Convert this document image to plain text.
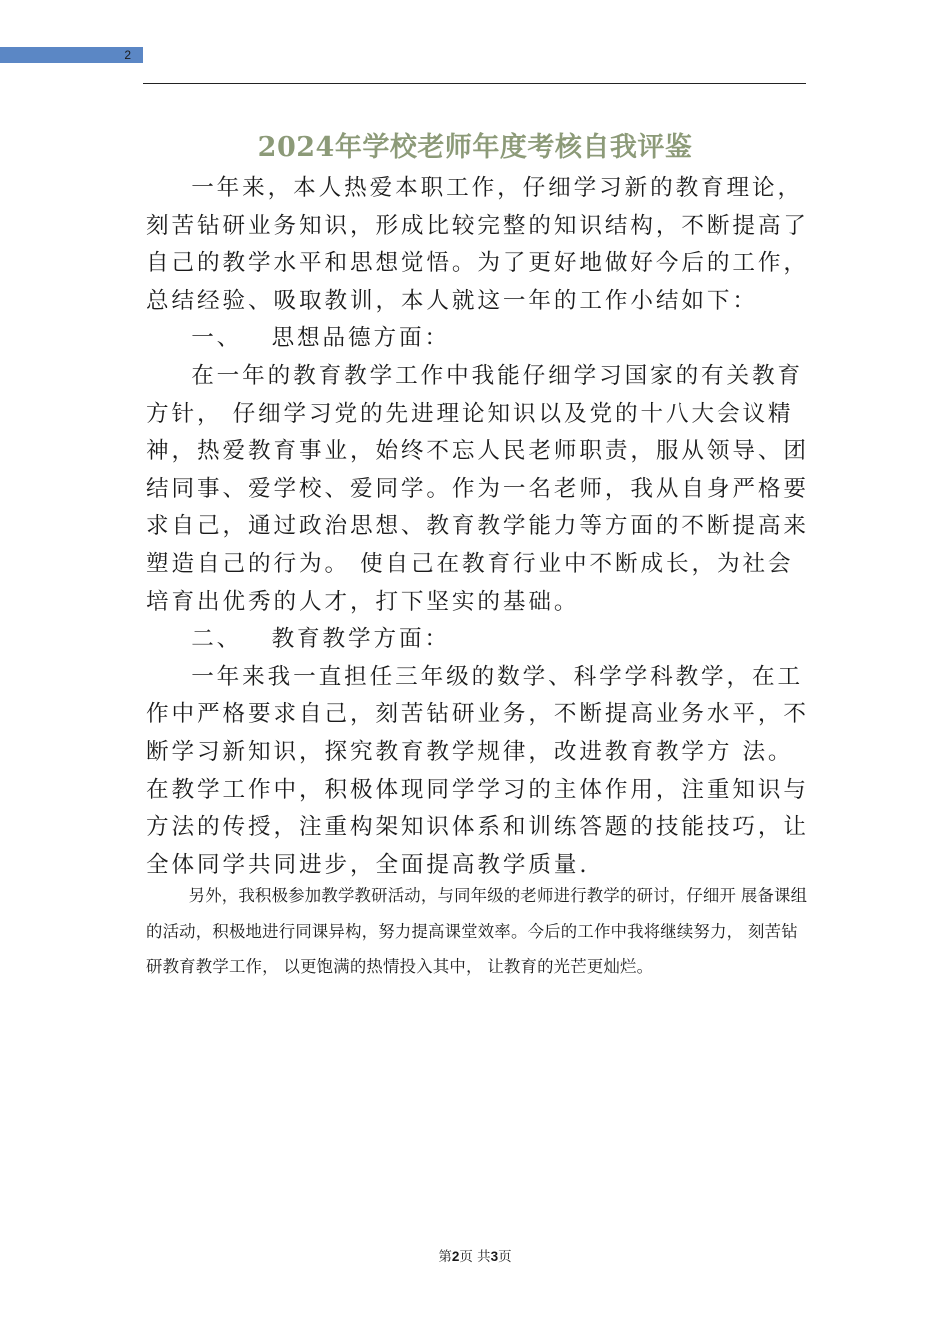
2
2024年学校老师年度考核自我评鉴

一年来，本人热爱本职工作，仔细学习新的教育理论，刻苦钻研业务知识，形成比较完整的知识结构，不断提高了自己的教学水平和思想觉悟。为了更好地做好今后的工作，总结经验、吸取教训，本人就这一年的工作小结如下：

一、 思想品德方面：

在一年的教育教学工作中我能仔细学习国家的有关教育方针， 仔细学习党的先进理论知识以及党的十八大会议精神，热爱教育事业，始终不忘人民老师职责，服从领导、团结同事、爱学校、爱同学。作为一名老师，我从自身严格要求自己，通过政治思想、教育教学能力等方面的不断提高来塑造自己的行为。 使自己在教育行业中不断成长，为社会培育出优秀的人才，打下坚实的基础。

二、 教育教学方面：

一年来我一直担任三年级的数学、科学学科教学，在工作中严格要求自己，刻苦钻研业务，不断提高业务水平，不断学习新知识，探究教育教学规律，改进教育教学方 法。在教学工作中，积极体现同学学习的主体作用，注重知识与方法的传授，注重构架知识体系和训练答题的技能技巧，让全体同学共同进步，全面提高教学质量.

另外，我积极参加教学教研活动，与同年级的老师进行教学的研讨，仔细开 展备课组的活动，积极地进行同课异构，努力提高课堂效率。今后的工作中我将继续努力， 刻苦钻研教育教学工作， 以更饱满的热情投入其中， 让教育的光芒更灿烂。

第2页 共3页
